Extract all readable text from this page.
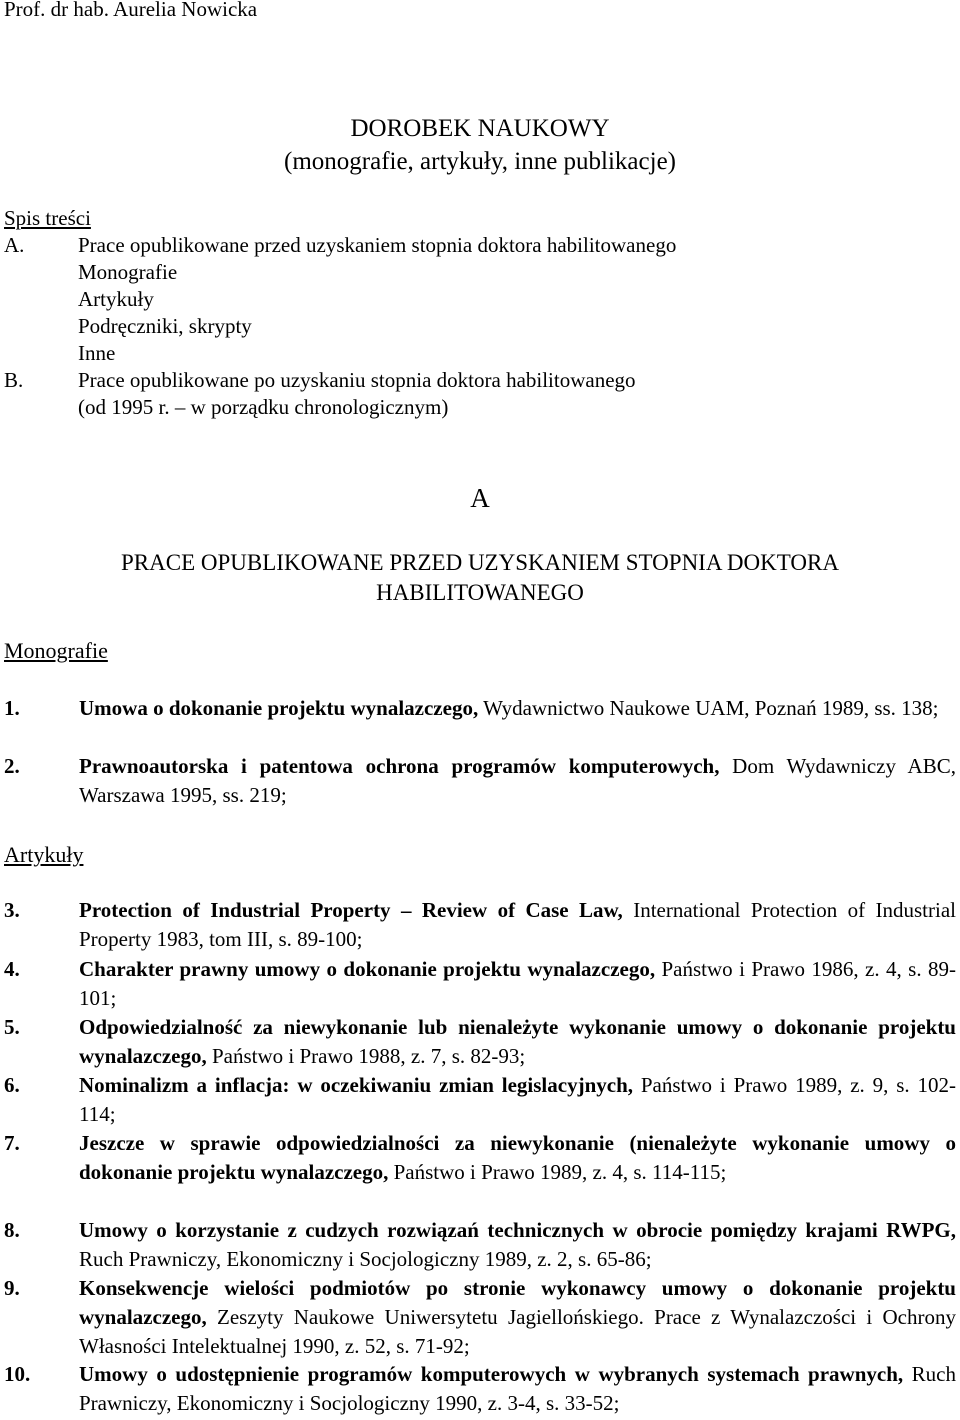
Prof. dr hab. Aurelia Nowicka
DOROBEK NAUKOWY
(monografie, artykuły, inne publikacje)
Spis treści
A.	Prace opublikowane przed uzyskaniem stopnia doktora habilitowanego
Monografie
Artykuły
Podręczniki, skrypty
Inne
B.	Prace opublikowane po uzyskaniu stopnia doktora habilitowanego
(od 1995 r. – w porządku chronologicznym)
A
PRACE OPUBLIKOWANE PRZED UZYSKANIEM STOPNIA DOKTORA
HABILITOWANEGO
Monografie
1.	Umowa o dokonanie projektu wynalazczego, Wydawnictwo Naukowe UAM, Poznań 1989, ss. 138;
2.	Prawnoautorska i patentowa ochrona programów komputerowych, Dom Wydawniczy ABC, Warszawa 1995, ss. 219;
Artykuły
3.	Protection of Industrial Property – Review of Case Law, International Protection of Industrial Property 1983, tom III, s. 89-100;
4.	Charakter prawny umowy o dokonanie projektu wynalazczego, Państwo i Prawo 1986, z. 4, s. 89-101;
5.	Odpowiedzialność za niewykonanie lub nienależyte wykonanie umowy o dokonanie projektu wynalazczego, Państwo i Prawo 1988, z. 7, s. 82-93;
6.	Nominalizm a inflacja: w oczekiwaniu zmian legislacyjnych, Państwo i Prawo 1989, z. 9, s. 102-114;
7.	Jeszcze w sprawie odpowiedzialności za niewykonanie (nienależyte wykonanie umowy o dokonanie projektu wynalazczego, Państwo i Prawo 1989, z. 4, s. 114-115;
8.	Umowy o korzystanie z cudzych rozwiązań technicznych w obrocie pomiędzy krajami RWPG, Ruch Prawniczy, Ekonomiczny i Socjologiczny 1989, z. 2, s. 65-86;
9.	Konsekwencje wielości podmiotów po stronie wykonawcy umowy o dokonanie projektu wynalazczego, Zeszyty Naukowe Uniwersytetu Jagiellońskiego. Prace z Wynalazczości i Ochrony Własności Intelektualnej 1990, z. 52, s. 71-92;
10.	Umowy o udostępnienie programów komputerowych w wybranych systemach prawnych, Ruch Prawniczy, Ekonomiczny i Socjologiczny 1990, z. 3-4, s. 33-52;
